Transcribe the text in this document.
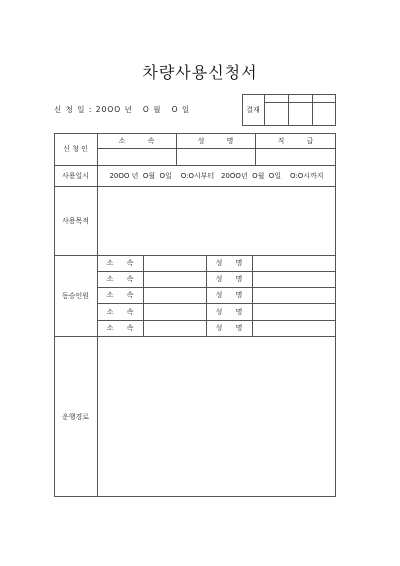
차량사용신청서
신 청 일 : 20OO 년   O 월   O 일	결재
신 청 인
소          속	성          명	직          급
사용일시	20OO 년  O월  O일    O:O시부터   20OO년  O월  O일    O:O시까지
사용목적
동승인원
소      속	성      명
소      속	성      명
소      속	성      명
소      속	성      명
소      속	성      명
운행경로
